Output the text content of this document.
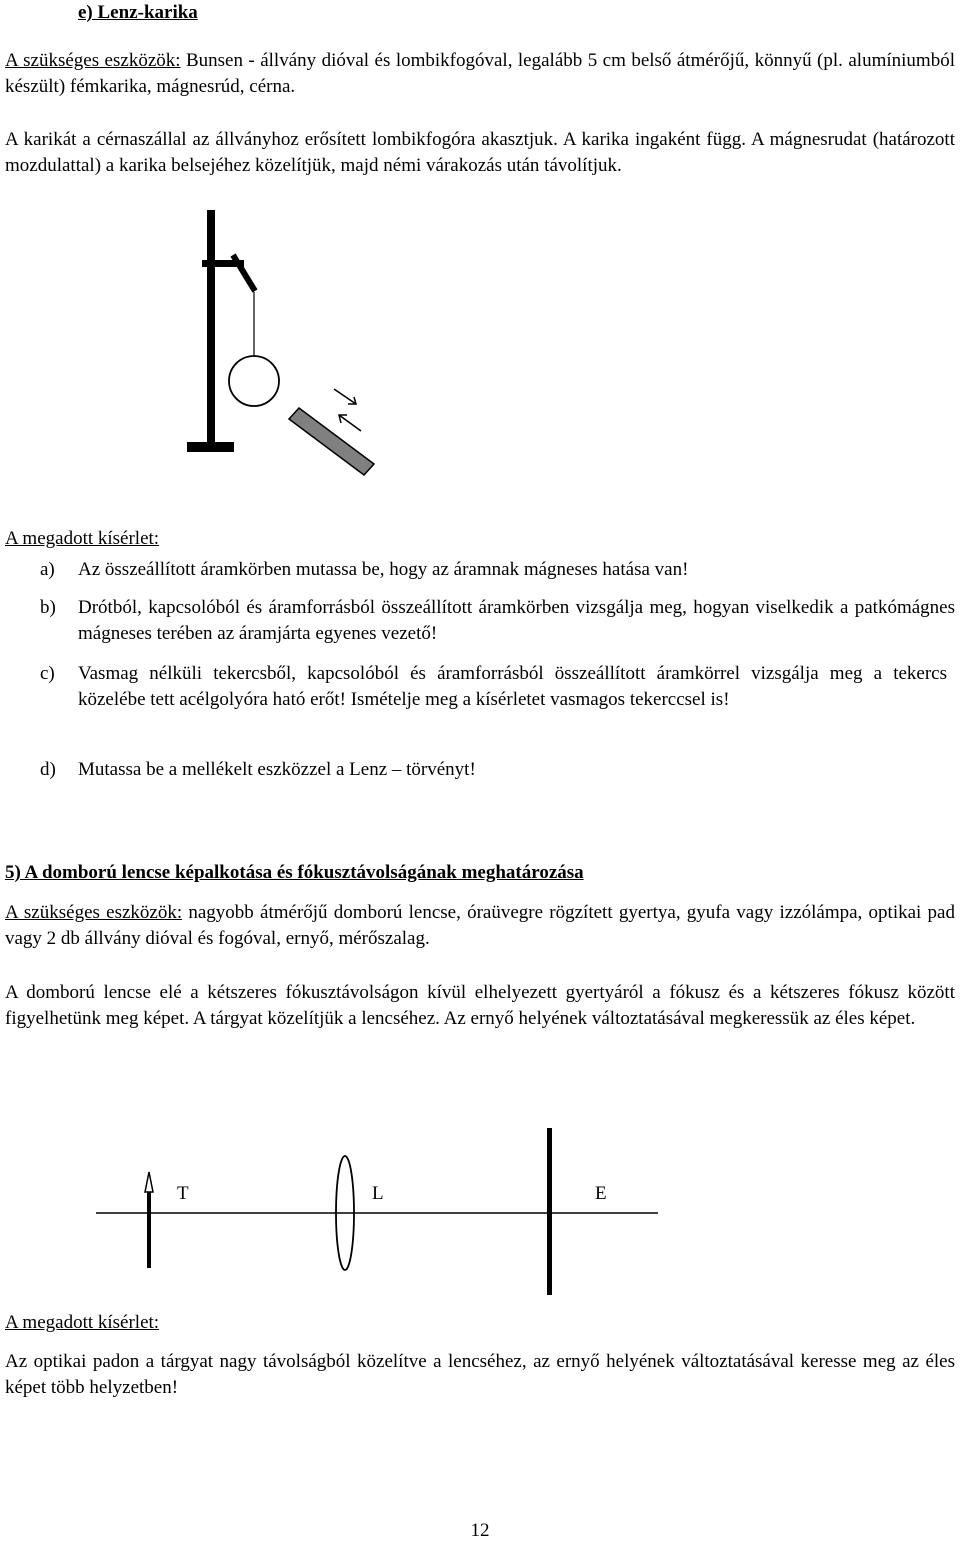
e) Lenz-karika
A szükséges eszközök: Bunsen - állvány dióval és lombikfogóval, legalább 5 cm belső átmérőjű, könnyű (pl. alumíniumból készült) fémkarika, mágnesrúd, cérna.
A karikát a cérnaszállal az állványhoz erősített lombikfogóra akasztjuk. A karika ingaként függ. A mágnesrudat (határozott mozdulattal) a karika belsejéhez közelítjük, majd némi várakozás után távolítjuk.
A megadott kísérlet:
a)	Az összeállított áramkörben mutassa be, hogy az áramnak mágneses hatása van!
b)	Drótból, kapcsolóból és áramforrásból összeállított áramkörben vizsgálja meg, hogyan viselkedik a patkómágnes mágneses terében az áramjárta egyenes vezető!
c)	Vasmag nélküli tekercsből, kapcsolóból és áramforrásból összeállított áramkörrel vizsgálja meg a tekercs közelébe tett acélgolyóra ható erőt! Ismételje meg a kísérletet vasmagos tekerccsel is!
d)	Mutassa be a mellékelt eszközzel a Lenz – törvényt!
5) A domború lencse képalkotása és fókusztávolságának meghatározása
A szükséges eszközök: nagyobb átmérőjű domború lencse, óraüvegre rögzített gyertya, gyufa vagy izzólámpa, optikai pad vagy 2 db állvány dióval és fogóval, ernyő, mérőszalag.
A domború lencse elé a kétszeres fókusztávolságon kívül elhelyezett gyertyáról a fókusz és a kétszeres fókusz között figyelhetünk meg képet. A tárgyat közelítjük a lencséhez. Az ernyő helyének változtatásával megkeressük az éles képet.
T	L	E
A megadott kísérlet:
Az optikai padon a tárgyat nagy távolságból közelítve a lencséhez, az ernyő helyének változtatásával keresse meg az éles képet több helyzetben!
12
